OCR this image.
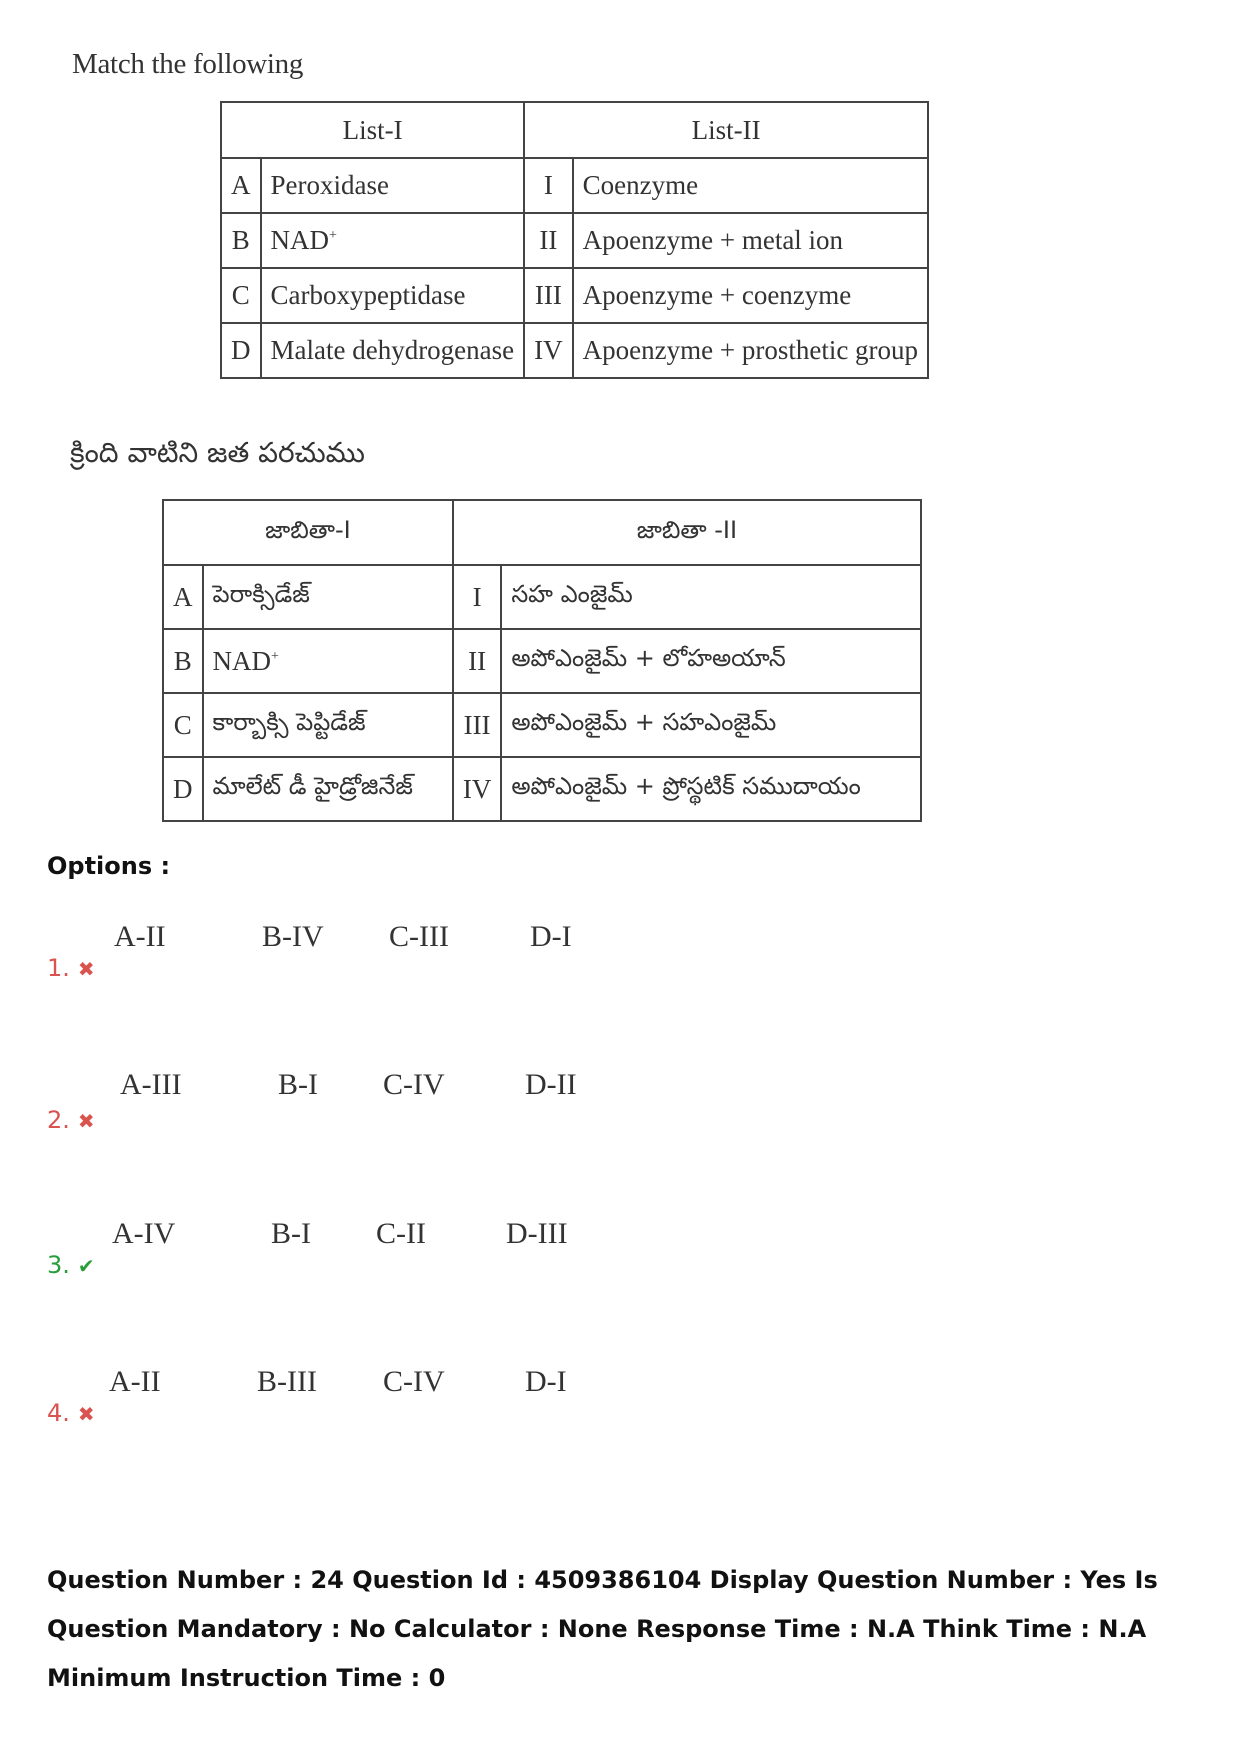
Match the following
List-I		List-II	
A	Peroxidase	I	Coenzyme
B	NAD+	II	Apoenzyme + metal ion
C	Carboxypeptidase	III	Apoenzyme + coenzyme
D	Malate dehydrogenase	IV	Apoenzyme + prosthetic group
క్రింది వాటిని జత పరచుము
జాబితా-I		జాబితా -II	
A	పెరాక్సిడేజ్	I	సహ ఎంజైమ్
B	NAD+	II	అపోఎంజైమ్ + లోహఅయాన్
C	కార్బాక్సి పెప్టిడేజ్	III	అపోఎంజైమ్ + సహఎంజైమ్
D	మాలేట్ డీ హైడ్రోజినేజ్	IV	అపోఎంజైమ్ + ప్రోస్థటిక్ సముదాయం
Options :
1. ✖
A-II	B-IV C-III	D-I
2. ✖
A-III	B-I C-IV	D-II
3. ✔
A-IV	B-I C-II	D-III
4. ✖
A-II	B-III C-IV	D-I
Question Number : 24 Question Id : 4509386104 Display Question Number : Yes Is Question Mandatory : No Calculator : None Response Time : N.A Think Time : N.A Minimum Instruction Time : 0
